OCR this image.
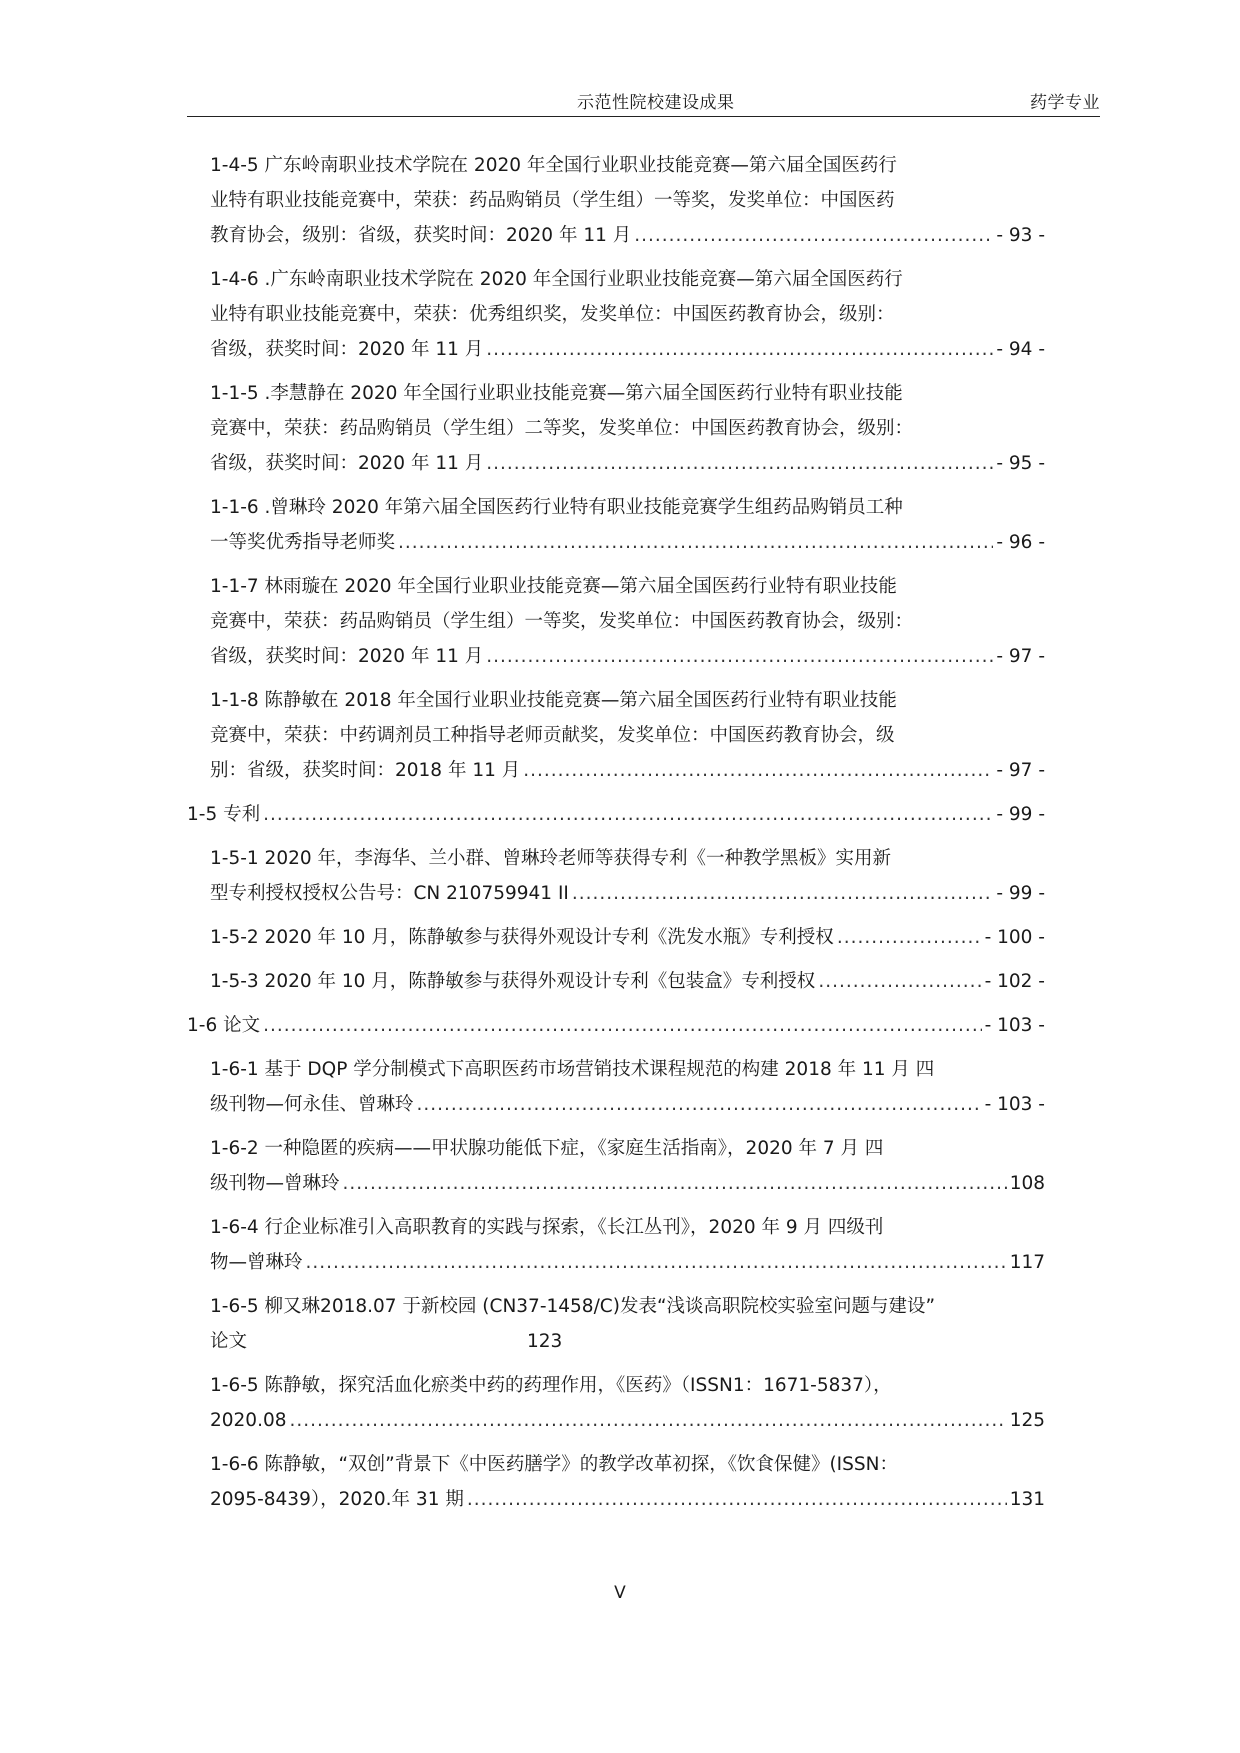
示范性院校建设成果	药学专业
1-4-5 广东岭南职业技术学院在 2020 年全国行业职业技能竞赛—第六届全国医药行
业特有职业技能竞赛中，荣获：药品购销员（学生组）一等奖，发奖单位：中国医药
教育协会，级别：省级，获奖时间：2020 年 11 月 .....	- 93 -
1-4-6 .广东岭南职业技术学院在 2020 年全国行业职业技能竞赛—第六届全国医药行
业特有职业技能竞赛中，荣获：优秀组织奖，发奖单位：中国医药教育协会，级别：
省级，获奖时间：2020 年 11 月 .....	- 94 -
1-1-5 .李慧静在 2020 年全国行业职业技能竞赛—第六届全国医药行业特有职业技能
竞赛中，荣获：药品购销员（学生组）二等奖，发奖单位：中国医药教育协会，级别：
省级，获奖时间：2020 年 11 月 .....	- 95 -
1-1-6 .曾琳玲 2020 年第六届全国医药行业特有职业技能竞赛学生组药品购销员工种
一等奖优秀指导老师奖 .....	- 96 -
1-1-7 林雨璇在 2020 年全国行业职业技能竞赛—第六届全国医药行业特有职业技能
竞赛中，荣获：药品购销员（学生组）一等奖，发奖单位：中国医药教育协会，级别：
省级，获奖时间：2020 年 11 月 .....	- 97 -
1-1-8 陈静敏在 2018 年全国行业职业技能竞赛—第六届全国医药行业特有职业技能
竞赛中，荣获：中药调剂员工种指导老师贡献奖，发奖单位：中国医药教育协会，级
别：省级，获奖时间：2018 年 11 月 .....	- 97 -
1-5 专利 .....	- 99 -
1-5-1 2020 年，李海华、兰小群、曾琳玲老师等获得专利《一种教学黑板》实用新
型专利授权授权公告号：CN 210759941 II .....	- 99 -
1-5-2 2020 年 10 月，陈静敏参与获得外观设计专利《洗发水瓶》专利授权 .....	- 100 -
1-5-3 2020 年 10 月，陈静敏参与获得外观设计专利《包装盒》专利授权 .....	- 102 -
1-6 论文 .....	- 103 -
1-6-1 基于 DQP 学分制模式下高职医药市场营销技术课程规范的构建 2018 年 11 月 四
级刊物—何永佳、曾琳玲 .....	- 103 -
1-6-2 一种隐匿的疾病——甲状腺功能低下症，《家庭生活指南》，2020 年 7 月 四
级刊物—曾琳玲 .....	108
1-6-4 行企业标准引入高职教育的实践与探索，《长江丛刊》，2020 年 9 月 四级刊
物—曾琳玲 .....	117
1-6-5 柳又琳2018.07 于新校园 (CN37-1458/C)发表“浅谈高职院校实验室问题与建设”
论文	123
1-6-5 陈静敏，探究活血化瘀类中药的药理作用，《医药》（ISSN1：1671-5837），
2020.08 .....	125
1-6-6 陈静敏，“双创”背景下《中医药膳学》的教学改革初探，《饮食保健》(ISSN：
2095-8439），2020.年 31 期 .....	131
V
